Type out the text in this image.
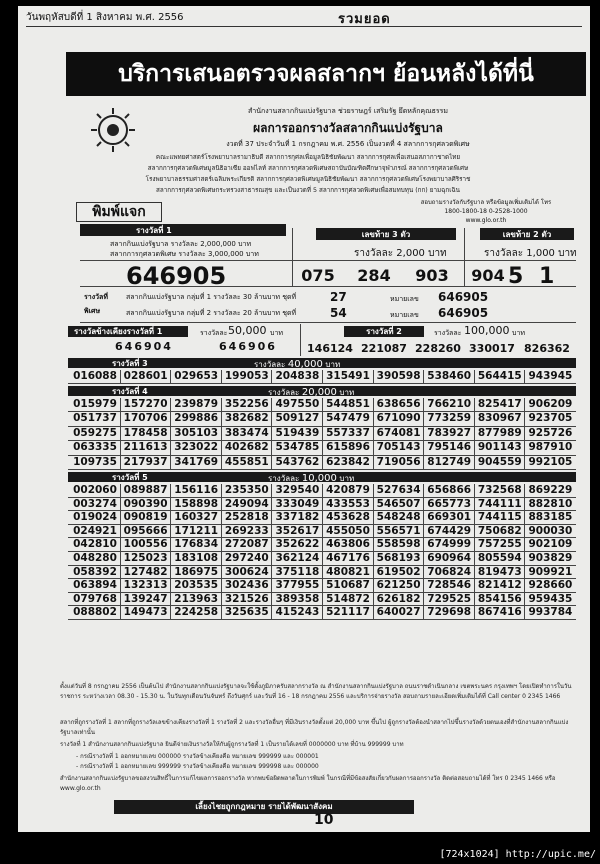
วันพฤหัสบดีที่ 1 สิงหาคม พ.ศ. 2556	รวมยอด
บริการเสนอตรวจผลสลากฯ ย้อนหลังได้ที่นี่
สำนักงานสลากกินแบ่งรัฐบาล ช่วยราษฎร์ เสริมรัฐ ยึดหลักคุณธรรม
ผลการออกรางวัลสลากกินแบ่งรัฐบาล
งวดที่ 37 ประจำวันที่ 1 กรกฎาคม พ.ศ. 2556 เป็นงวดที่ 4 สลากการกุศลวดพิเศษ
คณะแพทยศาสตร์โรงพยาบาลรามาธิบดี สลากการกุศลเพื่อมูลนิธิชัยพัฒนา สลากการกุศลเพื่อเสนอสภากาชาดไทย
สลากการกุศลวดพิเศษมูลนิธิอาเซีย ออฟไลท์ สลากการกุศลวดพิเศษสถาบันบัณฑิตศึกษาจุฬาภรณ์ สลากการกุศลวดพิเศษ
โรงพยาบาลธรรมศาสตร์เฉลิมพระเกียรติ สลากการกุศลวดพิเศษมูลนิธิชัยพัฒนา สลากการกุศลวดพิเศษโรงพยาบาลศิริราช
สลากการกุศลวดพิเศษกระทรวงสาธารณสุข และเป็นงวดที่ 5 สลากการกุศลวดพิเศษเพื่อสมทบทุน (กก) ยามฉุกเฉิน
พิมพ์แจก
สอบถามรางวัลกับรัฐบาล หรือข้อมูลเพิ่มเติมได้ โทร
1800-1800-18 0-2528-1000
www.glo.or.th
รางวัลที่ 1
สลากกินแบ่งรัฐบาล รางวัลละ 2,000,000 บาท
สลากการกุศลวดพิเศษ รางวัลละ 3,000,000 บาท
646905
เลขท้าย 3 ตัว
รางวัลละ 2,000 บาท
075	284	903	904
เลขท้าย 2 ตัว
รางวัลละ 1,000 บาท
5 1
รางวัลที่
พิเศษ
สลากกินแบ่งรัฐบาล กลุ่มที่ 1 รางวัลละ 30 ล้านบาท ชุดที่	27	หมายเลข 646905
สลากกินแบ่งรัฐบาล กลุ่มที่ 2 รางวัลละ 20 ล้านบาท ชุดที่	54	หมายเลข 646905
รางวัลข้างเคียงรางวัลที่ 1	รางวัลละ 50,000 บาท
646904	646906
รางวัลที่ 2	รางวัลละ 100,000 บาท
146124 221087 228260 330017 826362
รางวัลที่ 3	รางวัลละ 40,000 บาท
รางวัลที่ 4	รางวัลละ 20,000 บาท
รางวัลที่ 5	รางวัลละ 10,000 บาท
ตั้งแต่วันที่ 8 กรกฎาคม 2556 เป็นต้นไป สำนักงานสลากกินแบ่งรัฐบาลจะใช้ตั้งภูมิภาครับสลากรางวัล ณ สำนักงานสลากกินแบ่งรัฐบาล ถนนราชดำเนินกลาง เขตพระนคร กรุงเทพฯ โดยเปิดทำการในวันราชการ ระหว่างเวลา 08.30 - 15.30 น. ในวันทุกเดือนวันจันทร์ ถึงวันศุกร์ และวันที่ 16 - 18 กรกฎาคม 2556 และบริการจ่ายรางวัล สอบถามรายละเอียดเพิ่มเติมได้ที่ Call center 0 2345 1466
สลากที่ถูกรางวัลที่ 1 สลากที่ถูกรางวัลเลขข้างเคียงรางวัลที่ 1 รางวัลที่ 2 และรางวัลอื่นๆ ที่มีเงินรางวัลตั้งแต่ 20,000 บาท ขึ้นไป ผู้ถูกรางวัลต้องนำสลากไปขึ้นรางวัลด้วยตนเองที่สำนักงานสลากกินแบ่งรัฐบาลเท่านั้น
รางวัลที่ 1 สำนักงานสลากกินแบ่งรัฐบาล ยินดีจ่ายเงินรางวัลให้กับผู้ถูกรางวัลที่ 1 เป็นรายได้เลขที่ 0000000 บาท ที่บ้าน 999999 บาท
- กรณีรางวัลที่ 1 ออกหมายเลข 000000 รางวัลข้างเคียงคือ หมายเลข 999999 และ 000001
- กรณีรางวัลที่ 1 ออกหมายเลข 999999 รางวัลข้างเคียงคือ หมายเลข 999998 และ 000000
สำนักงานสลากกินแบ่งรัฐบาลขอสงวนสิทธิ์ในการแก้ไขผลการออกรางวัล หากพบข้อผิดพลาดในการพิมพ์ ในกรณีที่มีข้อสงสัยเกี่ยวกับผลการออกรางวัล ติดต่อสอบถามได้ที่ โทร 0 2345 1466 หรือ www.glo.or.th
เลี้ยงไชยถูกกฎหมาย รายได้พัฒนาสังคม
10
016088 028601 029653 199053 204838 315491 390598 538460 564415 943945
015979 157270 239879 352256 497550 544851 638656 766210 825417 906209
051737 170706 299886 382682 509127 547479 671090 773259 830967 923705
059275 178458 305103 383474 519439 557337 674081 783927 877989 925726
063335 211613 323022 402682 534785 615896 705143 795146 901143 987910
109735 217937 341769 455851 543762 623842 719056 812749 904559 992105
002060 089887 156116 235350 329540 420879 527634 656866 732568 869229
003274 090390 158898 249094 333049 433553 546507 665773 744111 882810
019024 090819 160327 252818 337182 453628 548248 669301 744115 883185
024921 095666 171211 269233 352617 455050 556571 674429 750682 900030
042810 100556 176834 272087 352622 463806 558598 674999 757255 902109
048280 125023 183108 297240 362124 467176 568193 690964 805594 903829
058392 127482 186975 300624 375118 480821 619502 706824 819473 909921
063894 132313 203535 302436 377955 510687 621250 728546 821412 928660
079768 139247 213963 321526 389358 514872 626182 729525 854156 959435
088802 149473 224258 325635 415243 521117 640027 729698 867416 993784
[724x1024] http://upic.me/
